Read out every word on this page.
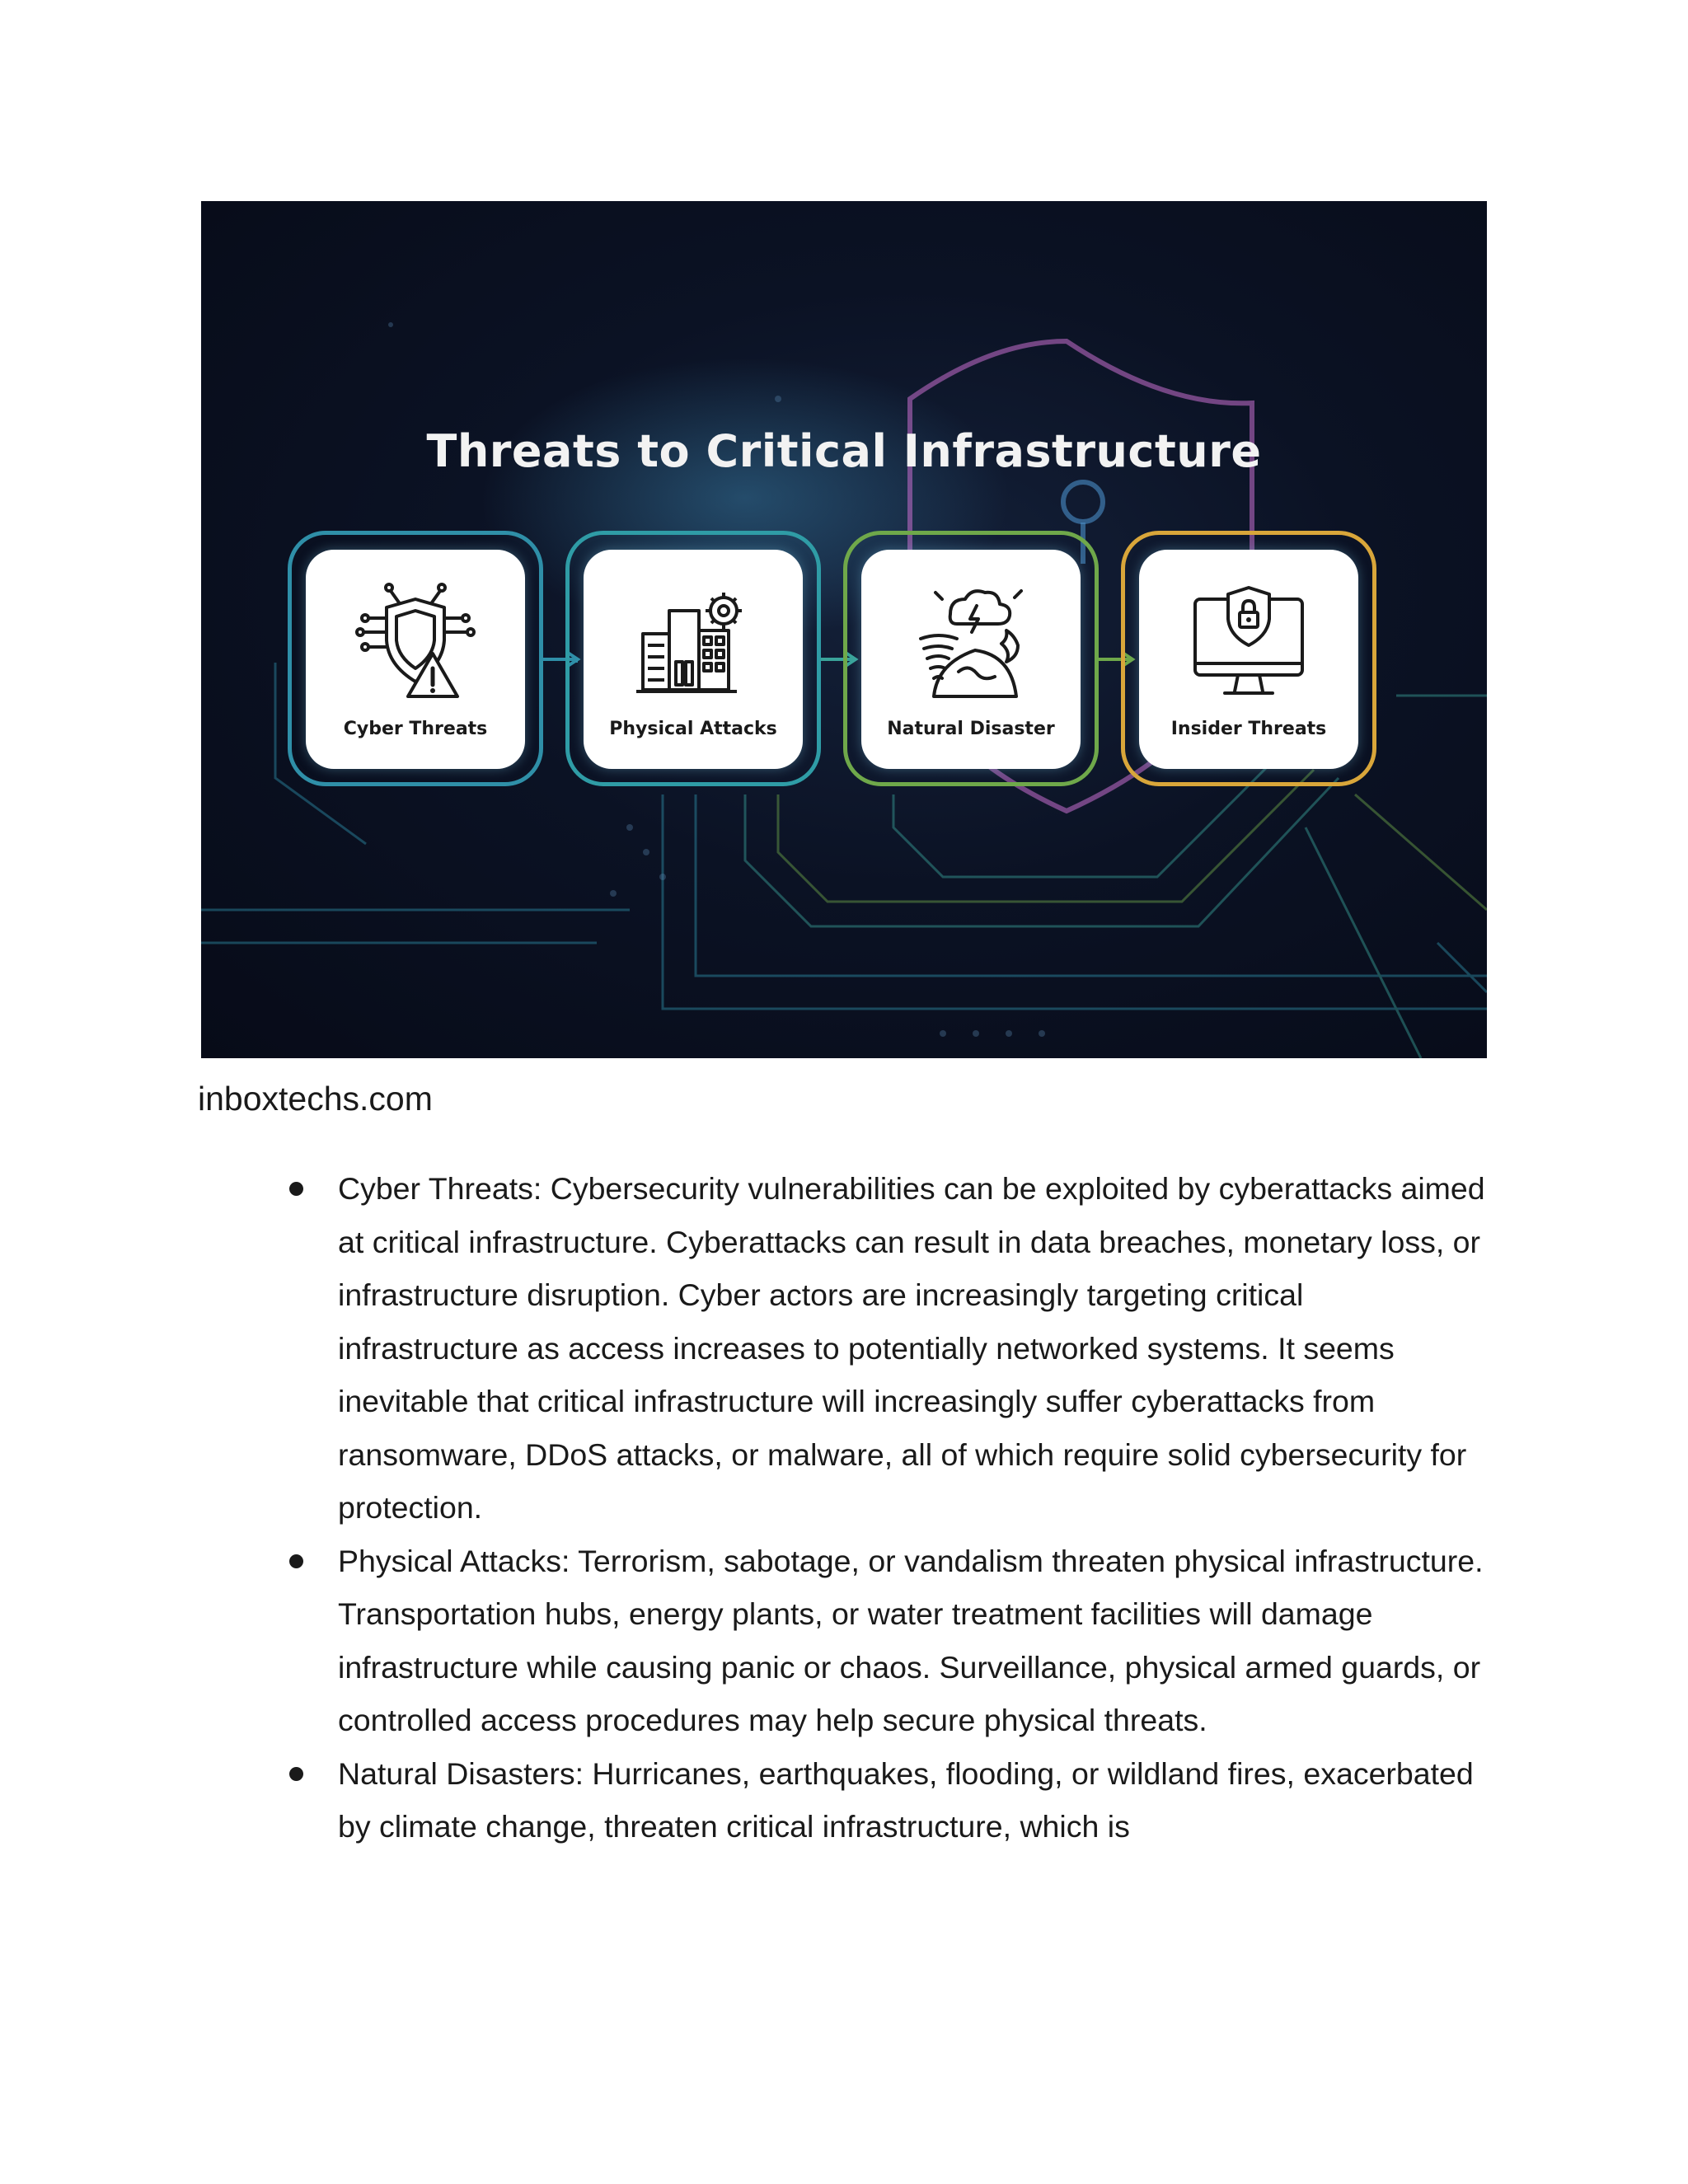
Threats to Critical Infrastructure
Cyber Threats	Physical Attacks	Natural Disaster	Insider Threats
inboxtechs.com
Cyber Threats: Cybersecurity vulnerabilities can be exploited by cyberattacks aimed at critical infrastructure. Cyberattacks can result in data breaches, monetary loss, or infrastructure disruption. Cyber actors are increasingly targeting critical infrastructure as access increases to potentially networked systems. It seems inevitable that critical infrastructure will increasingly suffer cyberattacks from ransomware, DDoS attacks, or malware, all of which require solid cybersecurity for protection.
Physical Attacks: Terrorism, sabotage, or vandalism threaten physical infrastructure. Transportation hubs, energy plants, or water treatment facilities will damage infrastructure while causing panic or chaos. Surveillance, physical armed guards, or controlled access procedures may help secure physical threats.
Natural Disasters: Hurricanes, earthquakes, flooding, or wildland fires, exacerbated by climate change, threaten critical infrastructure, which is
